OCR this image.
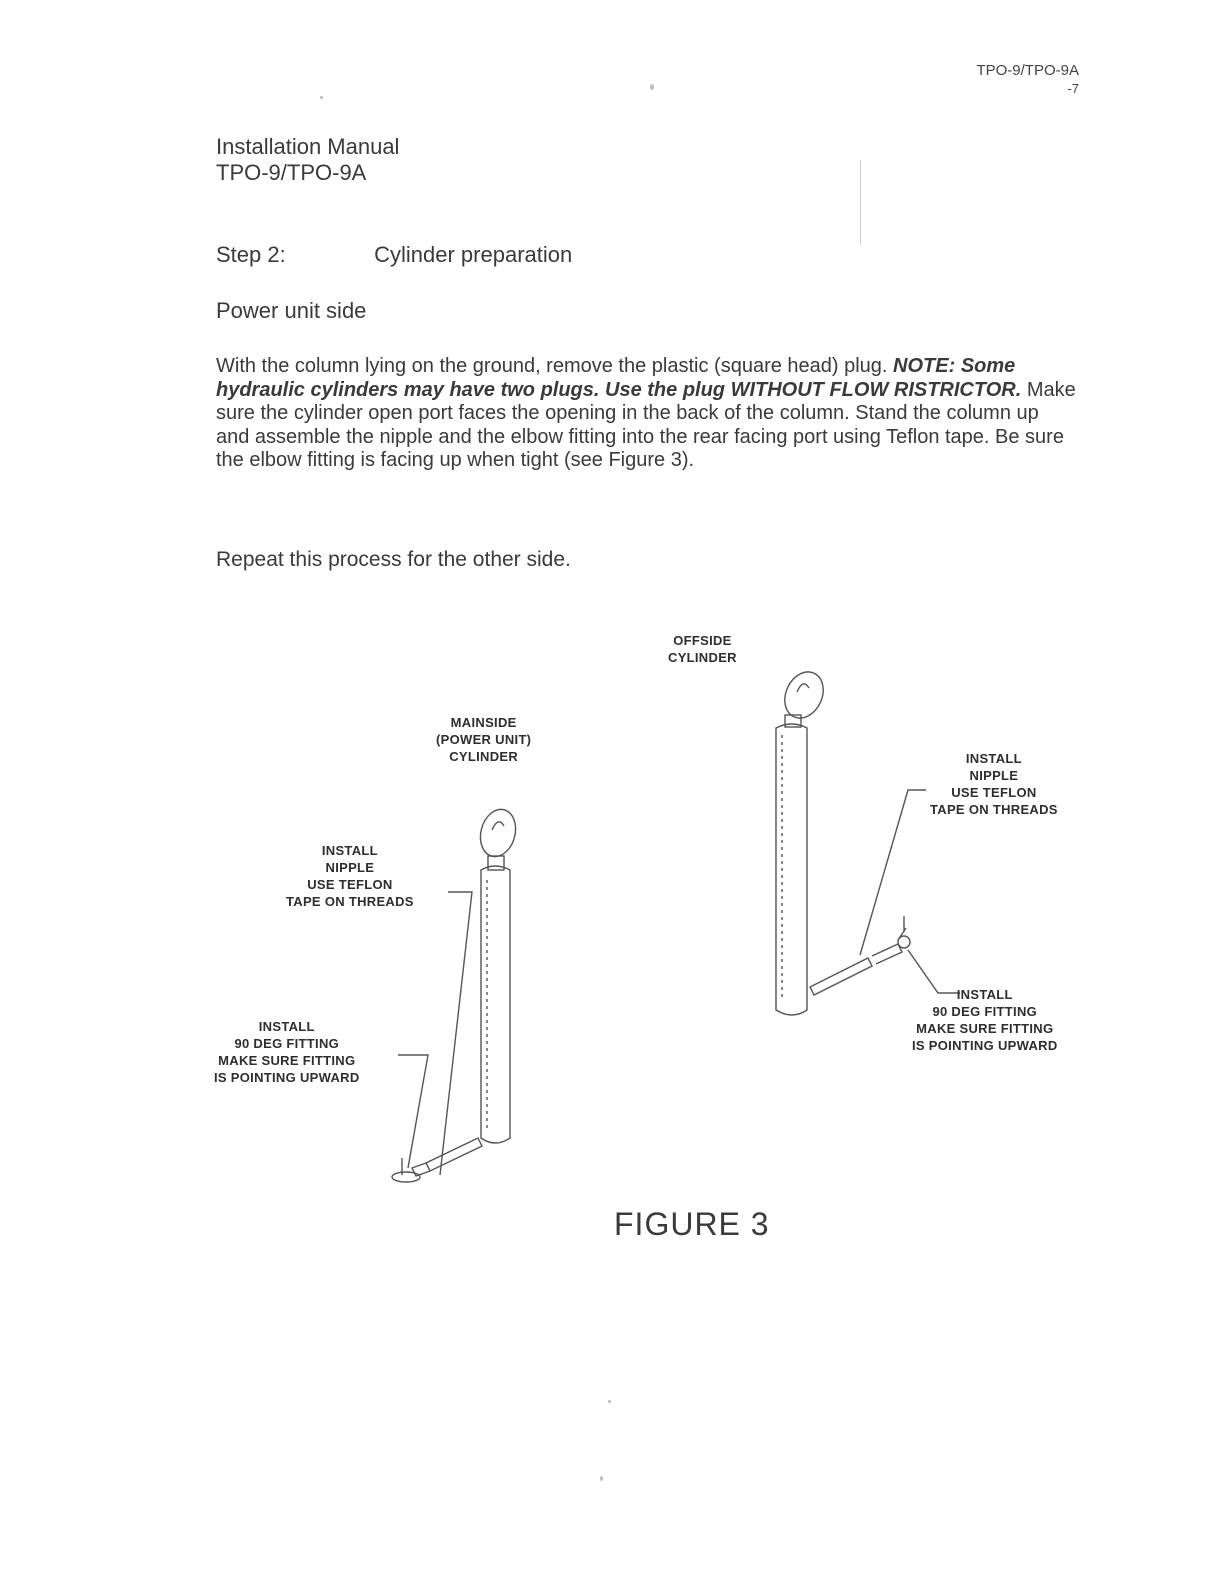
TPO-9/TPO-9A
-7
Installation Manual
TPO-9/TPO-9A
Step 2:	Cylinder preparation
Power unit side
With the column lying on the ground, remove the plastic (square head) plug. NOTE: Some hydraulic cylinders may have two plugs. Use the plug WITHOUT FLOW RISTRICTOR. Make sure the cylinder open port faces the opening in the back of the column. Stand the column up and assemble the nipple and the elbow fitting into the rear facing port using Teflon tape. Be sure the elbow fitting is facing up when tight (see Figure 3).
Repeat this process for the other side.
OFFSIDE
CYLINDER
MAINSIDE
(POWER UNIT)
CYLINDER
INSTALL
NIPPLE
USE TEFLON
TAPE ON THREADS
INSTALL
90 DEG FITTING
MAKE SURE FITTING
IS POINTING UPWARD
INSTALL
NIPPLE
USE TEFLON
TAPE ON THREADS
INSTALL
90 DEG FITTING
MAKE SURE FITTING
IS POINTING UPWARD
FIGURE 3
